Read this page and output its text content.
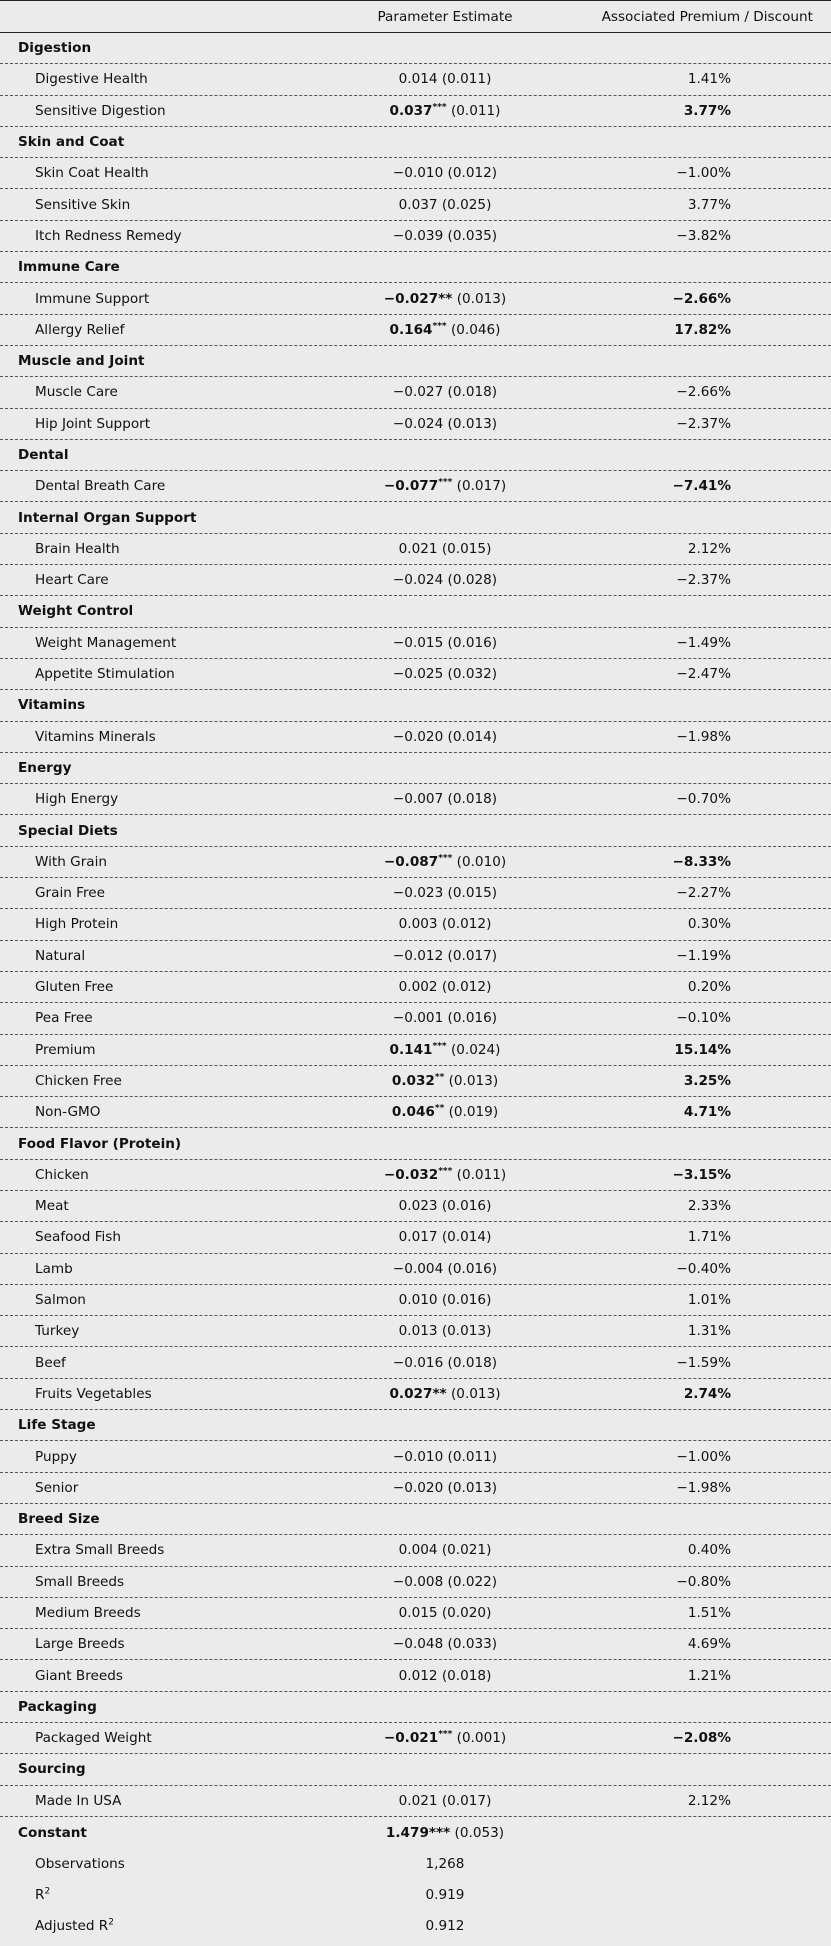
Parameter Estimate	Associated Premium / Discount
Digestion
Digestive Health	0.014 (0.011)	1.41%
Sensitive Digestion	0.037*** (0.011)	3.77%
Skin and Coat
Skin Coat Health	−0.010 (0.012)	−1.00%
Sensitive Skin	0.037 (0.025)	3.77%
Itch Redness Remedy	−0.039 (0.035)	−3.82%
Immune Care
Immune Support	−0.027** (0.013)	−2.66%
Allergy Relief	0.164*** (0.046)	17.82%
Muscle and Joint
Muscle Care	−0.027 (0.018)	−2.66%
Hip Joint Support	−0.024 (0.013)	−2.37%
Dental
Dental Breath Care	−0.077*** (0.017)	−7.41%
Internal Organ Support
Brain Health	0.021 (0.015)	2.12%
Heart Care	−0.024 (0.028)	−2.37%
Weight Control
Weight Management	−0.015 (0.016)	−1.49%
Appetite Stimulation	−0.025 (0.032)	−2.47%
Vitamins
Vitamins Minerals	−0.020 (0.014)	−1.98%
Energy
High Energy	−0.007 (0.018)	−0.70%
Special Diets
With Grain	−0.087*** (0.010)	−8.33%
Grain Free	−0.023 (0.015)	−2.27%
High Protein	0.003 (0.012)	0.30%
Natural	−0.012 (0.017)	−1.19%
Gluten Free	0.002 (0.012)	0.20%
Pea Free	−0.001 (0.016)	−0.10%
Premium	0.141*** (0.024)	15.14%
Chicken Free	0.032** (0.013)	3.25%
Non-GMO	0.046** (0.019)	4.71%
Food Flavor (Protein)
Chicken	−0.032*** (0.011)	−3.15%
Meat	0.023 (0.016)	2.33%
Seafood Fish	0.017 (0.014)	1.71%
Lamb	−0.004 (0.016)	−0.40%
Salmon	0.010 (0.016)	1.01%
Turkey	0.013 (0.013)	1.31%
Beef	−0.016 (0.018)	−1.59%
Fruits Vegetables	0.027** (0.013)	2.74%
Life Stage
Puppy	−0.010 (0.011)	−1.00%
Senior	−0.020 (0.013)	−1.98%
Breed Size
Extra Small Breeds	0.004 (0.021)	0.40%
Small Breeds	−0.008 (0.022)	−0.80%
Medium Breeds	0.015 (0.020)	1.51%
Large Breeds	−0.048 (0.033)	4.69%
Giant Breeds	0.012 (0.018)	1.21%
Packaging
Packaged Weight	−0.021*** (0.001)	−2.08%
Sourcing
Made In USA	0.021 (0.017)	2.12%
Constant	1.479*** (0.053)
Observations	1,268
$R^2$	0.919
Adjusted $R^2$	0.912
